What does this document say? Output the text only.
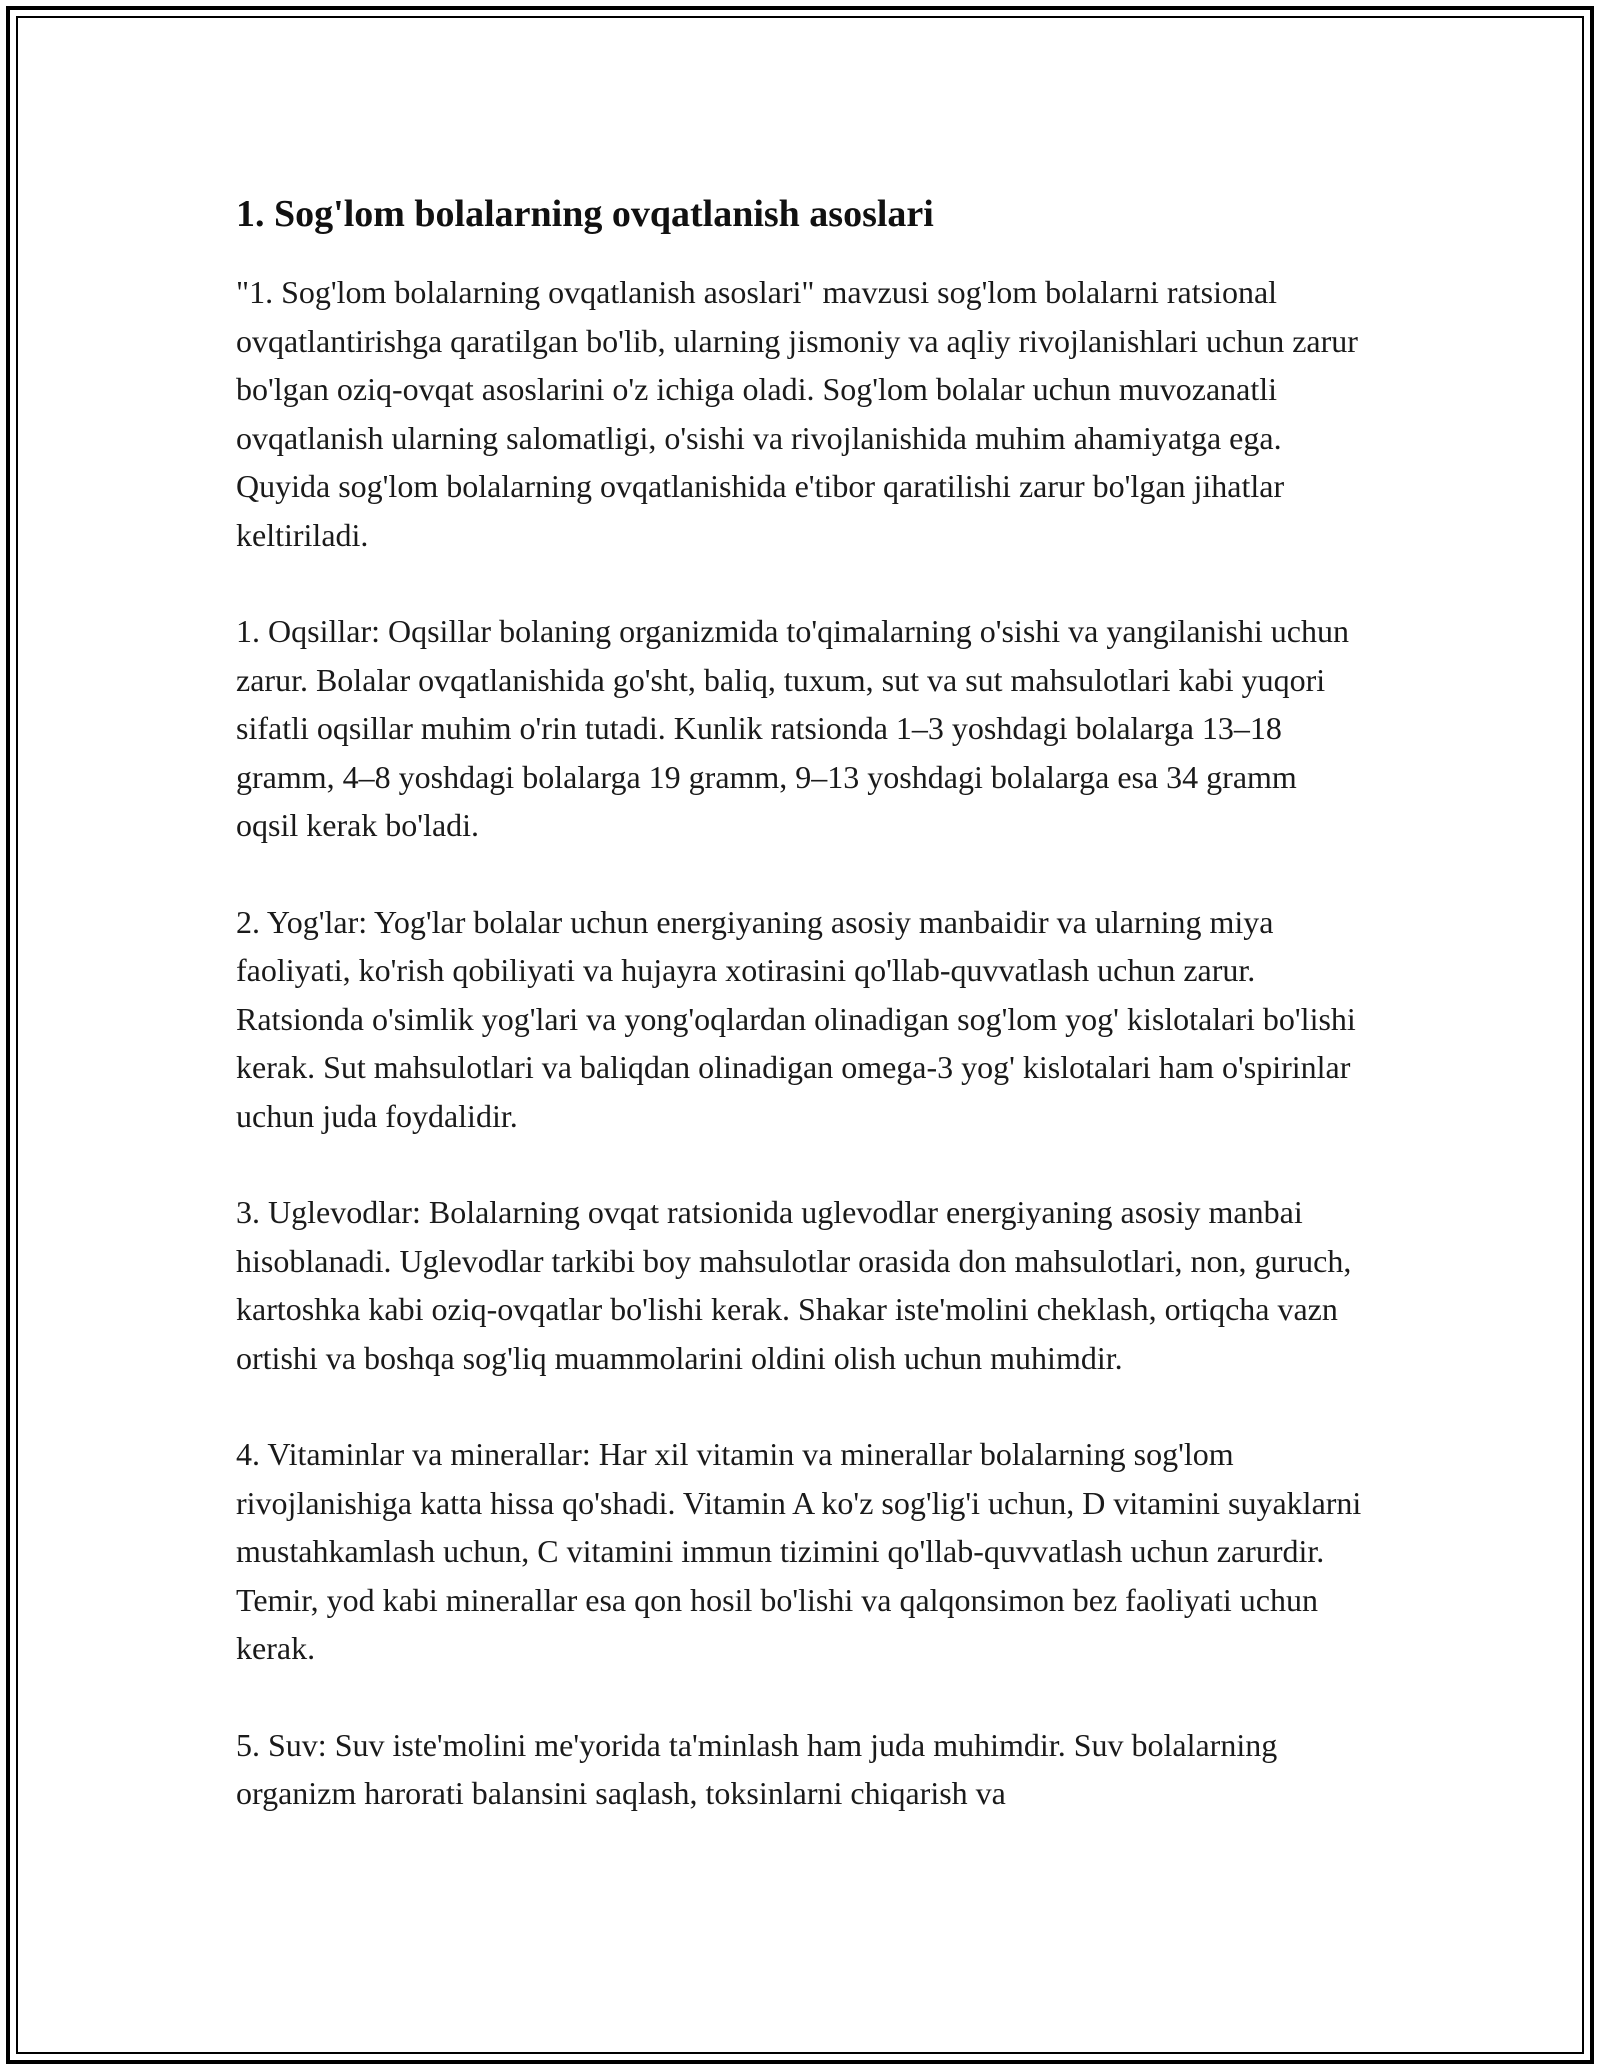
1. Sog'lom bolalarning ovqatlanish asoslari

"1. Sog'lom bolalarning ovqatlanish asoslari" mavzusi sog'lom bolalarni ratsional ovqatlantirishga qaratilgan bo'lib, ularning jismoniy va aqliy rivojlanishlari uchun zarur bo'lgan oziq-ovqat asoslarini o'z ichiga oladi. Sog'lom bolalar uchun muvozanatli ovqatlanish ularning salomatligi, o'sishi va rivojlanishida muhim ahamiyatga ega. Quyida sog'lom bolalarning ovqatlanishida e'tibor qaratilishi zarur bo'lgan jihatlar keltiriladi.

1. Oqsillar: Oqsillar bolaning organizmida to'qimalarning o'sishi va yangilanishi uchun zarur. Bolalar ovqatlanishida go'sht, baliq, tuxum, sut va sut mahsulotlari kabi yuqori sifatli oqsillar muhim o'rin tutadi. Kunlik ratsionda 1–3 yoshdagi bolalarga 13–18 gramm, 4–8 yoshdagi bolalarga 19 gramm, 9–13 yoshdagi bolalarga esa 34 gramm oqsil kerak bo'ladi.

2. Yog'lar: Yog'lar bolalar uchun energiyaning asosiy manbaidir va ularning miya faoliyati, ko'rish qobiliyati va hujayra xotirasini qo'llab-quvvatlash uchun zarur. Ratsionda o'simlik yog'lari va yong'oqlardan olinadigan sog'lom yog' kislotalari bo'lishi kerak. Sut mahsulotlari va baliqdan olinadigan omega-3 yog' kislotalari ham o'spirinlar uchun juda foydalidir.

3. Uglevodlar: Bolalarning ovqat ratsionida uglevodlar energiyaning asosiy manbai hisoblanadi. Uglevodlar tarkibi boy mahsulotlar orasida don mahsulotlari, non, guruch, kartoshka kabi oziq-ovqatlar bo'lishi kerak. Shakar iste'molini cheklash, ortiqcha vazn ortishi va boshqa sog'liq muammolarini oldini olish uchun muhimdir.

4. Vitaminlar va minerallar: Har xil vitamin va minerallar bolalarning sog'lom rivojlanishiga katta hissa qo'shadi. Vitamin A ko'z sog'lig'i uchun, D vitamini suyaklarni mustahkamlash uchun, C vitamini immun tizimini qo'llab-quvvatlash uchun zarurdir. Temir, yod kabi minerallar esa qon hosil bo'lishi va qalqonsimon bez faoliyati uchun kerak.

5. Suv: Suv iste'molini me'yorida ta'minlash ham juda muhimdir. Suv bolalarning organizm harorati balansini saqlash, toksinlarni chiqarish va
